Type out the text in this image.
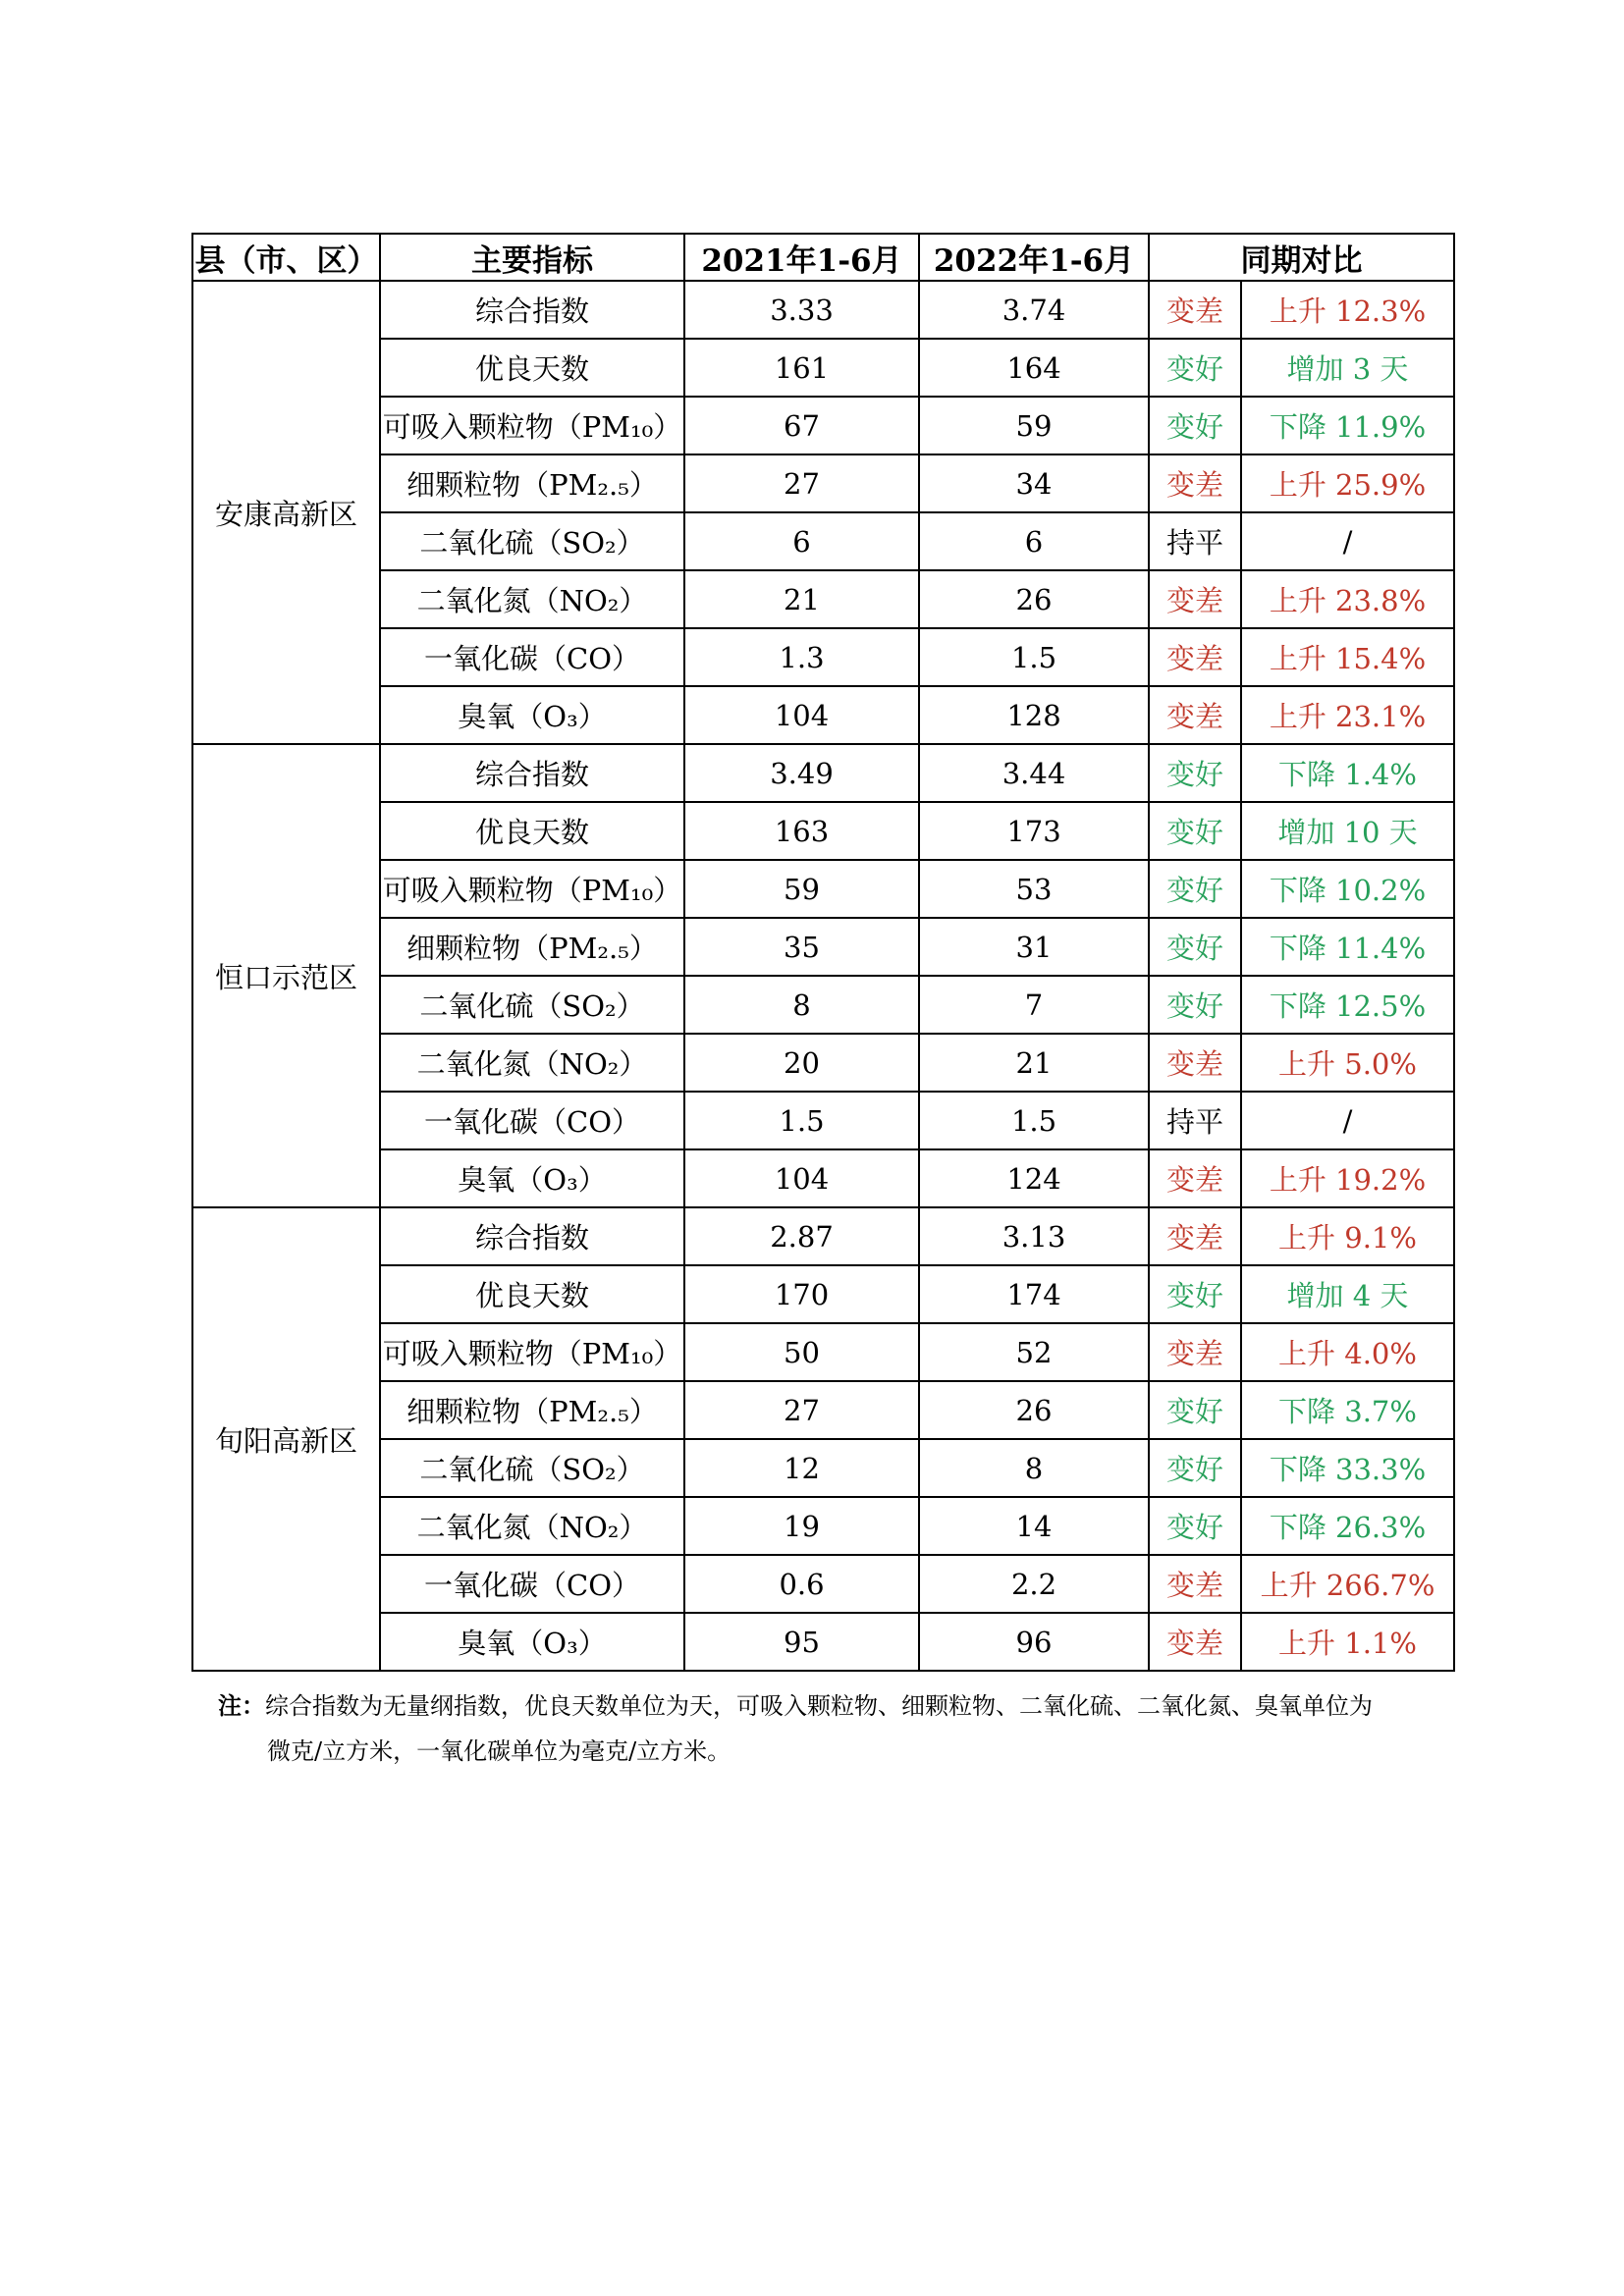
县（市、区）	主要指标	2021年1-6月	2022年1-6月	同期对比	
安康高新区	综合指数	3.33	3.74	变差	上升 12.3%
	优良天数	161	164	变好	增加 3 天
	可吸入颗粒物（PM₁₀）	67	59	变好	下降 11.9%
	细颗粒物（PM₂.₅）	27	34	变差	上升 25.9%
	二氧化硫（SO₂）	6	6	持平	/
	二氧化氮（NO₂）	21	26	变差	上升 23.8%
	一氧化碳（CO）	1.3	1.5	变差	上升 15.4%
	臭氧（O₃）	104	128	变差	上升 23.1%
恒口示范区	综合指数	3.49	3.44	变好	下降 1.4%
	优良天数	163	173	变好	增加 10 天
	可吸入颗粒物（PM₁₀）	59	53	变好	下降 10.2%
	细颗粒物（PM₂.₅）	35	31	变好	下降 11.4%
	二氧化硫（SO₂）	8	7	变好	下降 12.5%
	二氧化氮（NO₂）	20	21	变差	上升 5.0%
	一氧化碳（CO）	1.5	1.5	持平	/
	臭氧（O₃）	104	124	变差	上升 19.2%
旬阳高新区	综合指数	2.87	3.13	变差	上升 9.1%
	优良天数	170	174	变好	增加 4 天
	可吸入颗粒物（PM₁₀）	50	52	变差	上升 4.0%
	细颗粒物（PM₂.₅）	27	26	变好	下降 3.7%
	二氧化硫（SO₂）	12	8	变好	下降 33.3%
	二氧化氮（NO₂）	19	14	变好	下降 26.3%
	一氧化碳（CO）	0.6	2.2	变差	上升 266.7%
	臭氧（O₃）	95	96	变差	上升 1.1%
注：综合指数为无量纲指数，优良天数单位为天，可吸入颗粒物、细颗粒物、二氧化硫、二氧化氮、臭氧单位为
微克/立方米，一氧化碳单位为毫克/立方米。
